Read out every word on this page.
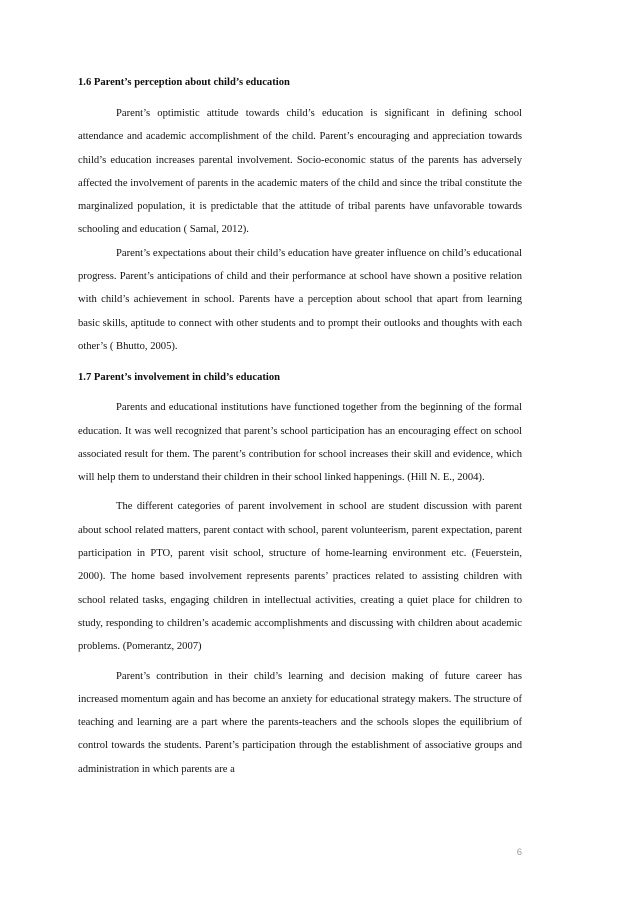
1.6 Parent’s perception about child’s education

Parent’s optimistic attitude towards child’s education is significant in defining school attendance and academic accomplishment of the child. Parent’s encouraging and appreciation towards child’s education increases parental involvement. Socio-economic status of the parents has adversely affected the involvement of parents in the academic maters of the child and since the tribal constitute the marginalized population, it is predictable that the attitude of tribal parents have unfavorable towards schooling and education ( Samal, 2012).

Parent’s expectations about their child’s education have greater influence on child’s educational progress. Parent’s anticipations of child and their performance at school have shown a positive relation with child’s achievement in school. Parents have a perception about school that apart from learning basic skills, aptitude to connect with other students and to prompt their outlooks and thoughts with each other’s ( Bhutto, 2005).

1.7 Parent’s involvement in child’s education

Parents and educational institutions have functioned together from the beginning of the formal education. It was well recognized that parent’s school participation has an encouraging effect on school associated result for them. The parent’s contribution for school increases their skill and evidence, which will help them to understand their children in their school linked happenings. (Hill N. E., 2004).

The different categories of parent involvement in school are student discussion with parent about school related matters, parent contact with school, parent volunteerism, parent expectation, parent participation in PTO, parent visit school, structure of home-learning environment etc. (Feuerstein, 2000). The home based involvement represents parents’ practices related to assisting children with school related tasks, engaging children in intellectual activities, creating a quiet place for children to study, responding to children’s academic accomplishments and discussing with children about academic problems. (Pomerantz, 2007)

Parent’s contribution in their child’s learning and decision making of future career has increased momentum again and has become an anxiety for educational strategy makers. The structure of teaching and learning are a part where the parents-teachers and the schools slopes the equilibrium of control towards the students. Parent’s participation through the establishment of associative groups and administration in which parents are a

6
